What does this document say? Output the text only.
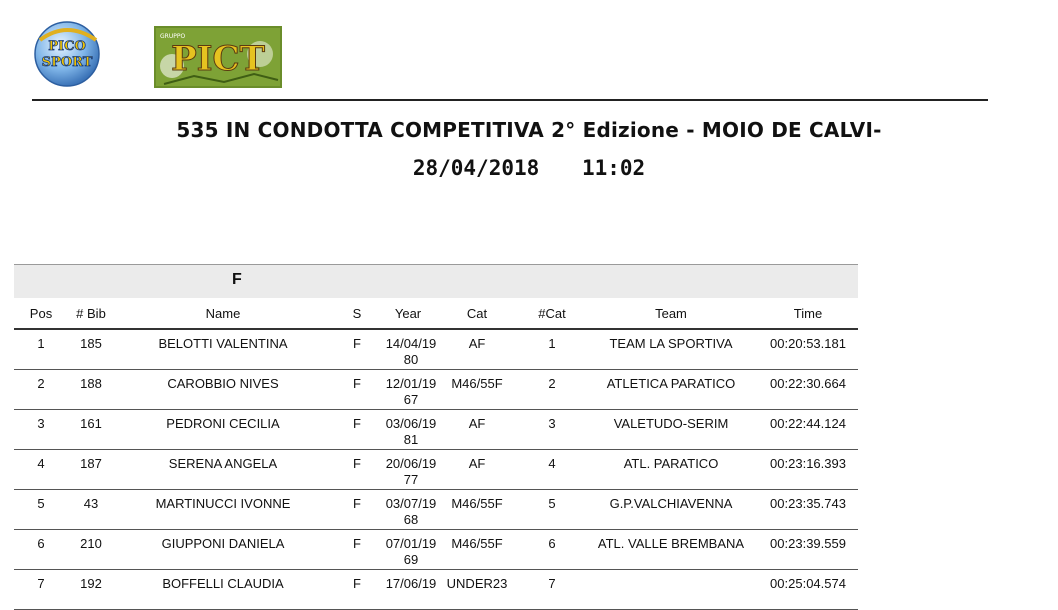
PICO
SPORT
GRUPPO
PICT
535 IN CONDOTTA COMPETITIVA 2° Edizione - MOIO DE CALVI-
28/04/2018 11:02
F
Pos	# Bib	Name	S	Year	Cat	#Cat	Team	Time
1	185	BELOTTI VALENTINA	F	14/04/19 80	AF	1	TEAM LA SPORTIVA	00:20:53.181
2	188	CAROBBIO NIVES	F	12/01/19 67	M46/55F	2	ATLETICA PARATICO	00:22:30.664
3	161	PEDRONI CECILIA	F	03/06/19 81	AF	3	VALETUDO-SERIM	00:22:44.124
4	187	SERENA ANGELA	F	20/06/19 77	AF	4	ATL. PARATICO	00:23:16.393
5	43	MARTINUCCI IVONNE	F	03/07/19 68	M46/55F	5	G.P.VALCHIAVENNA	00:23:35.743
6	210	GIUPPONI DANIELA	F	07/01/19 69	M46/55F	6	ATL. VALLE BREMBANA	00:23:39.559
7	192	BOFFELLI CLAUDIA	F	17/06/19	UNDER23	7		00:25:04.574
